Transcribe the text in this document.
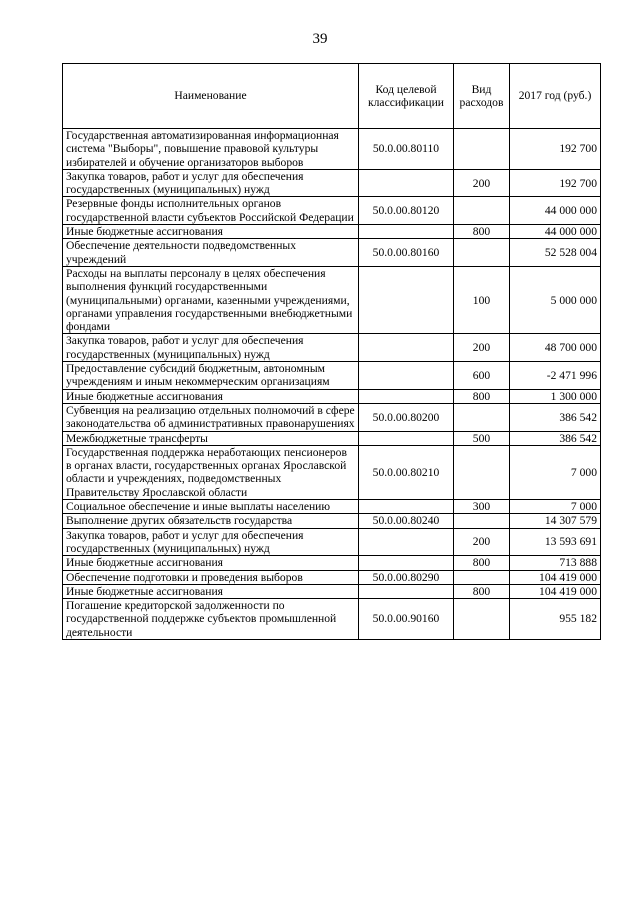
39
Наименование	Код целевой классификации	Вид расходов	2017 год (руб.)
Государственная автоматизированная информационная система "Выборы", повышение правовой культуры избирателей и обучение организаторов выборов	50.0.00.80110		192 700
Закупка товаров, работ и услуг для обеспечения государственных (муниципальных) нужд		200	192 700
Резервные фонды исполнительных органов государственной власти субъектов Российской Федерации	50.0.00.80120		44 000 000
Иные бюджетные ассигнования		800	44 000 000
Обеспечение деятельности подведомственных учреждений	50.0.00.80160		52 528 004
Расходы на выплаты персоналу в целях обеспечения выполнения функций государственными (муниципальными) органами, казенными учреждениями, органами управления государственными внебюджетными фондами		100	5 000 000
Закупка товаров, работ и услуг для обеспечения государственных (муниципальных) нужд		200	48 700 000
Предоставление субсидий бюджетным, автономным учреждениям и иным некоммерческим организациям		600	-2 471 996
Иные бюджетные ассигнования		800	1 300 000
Субвенция на реализацию отдельных полномочий в сфере законодательства об административных правонарушениях	50.0.00.80200		386 542
Межбюджетные трансферты		500	386 542
Государственная поддержка неработающих пенсионеров в органах власти, государственных органах Ярославской области и учреждениях, подведомственных Правительству Ярославской области	50.0.00.80210		7 000
Социальное обеспечение и иные выплаты населению		300	7 000
Выполнение других обязательств государства	50.0.00.80240		14 307 579
Закупка товаров, работ и услуг для обеспечения государственных (муниципальных) нужд		200	13 593 691
Иные бюджетные ассигнования		800	713 888
Обеспечение подготовки и проведения выборов	50.0.00.80290		104 419 000
Иные бюджетные ассигнования		800	104 419 000
Погашение кредиторской задолженности по государственной поддержке субъектов промышленной деятельности	50.0.00.90160		955 182
